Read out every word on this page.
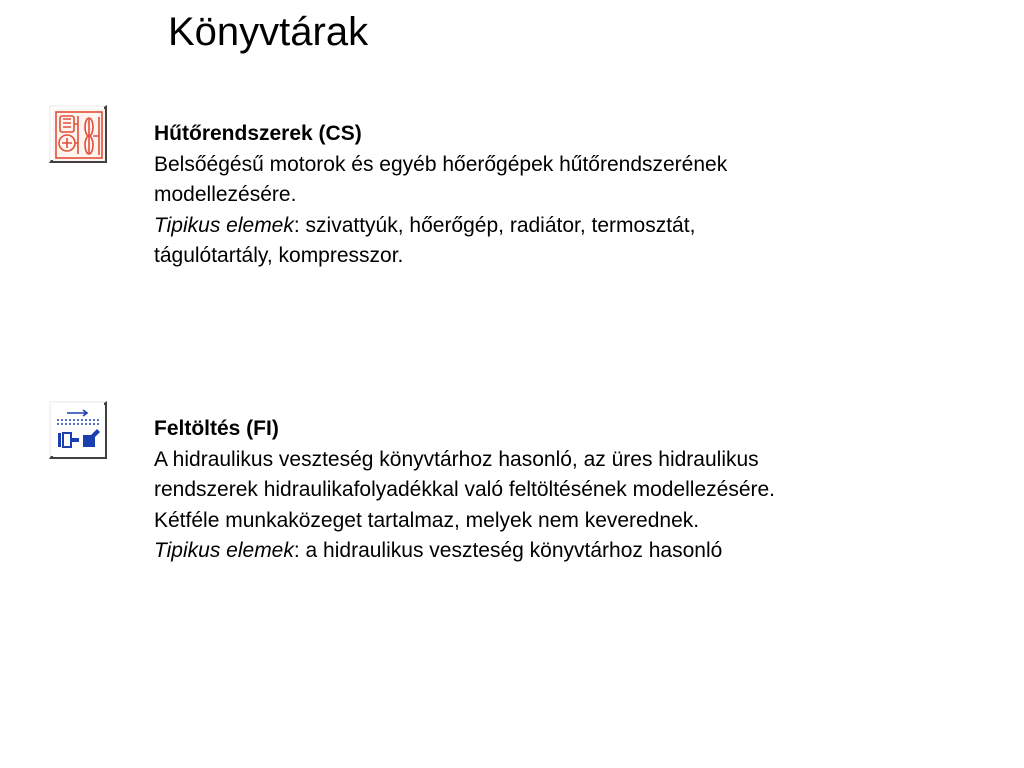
Könyvtárak
Hűtőrendszerek (CS)
Belsőégésű motorok és egyéb hőerőgépek hűtőrendszerének
modellezésére.
Tipikus elemek: szivattyúk, hőerőgép, radiátor, termosztát,
tágulótartály, kompresszor.
Feltöltés (FI)
A hidraulikus veszteség könyvtárhoz hasonló, az üres hidraulikus
rendszerek hidraulikafolyadékkal való feltöltésének modellezésére.
Kétféle munkaközeget tartalmaz, melyek nem keverednek.
Tipikus elemek: a hidraulikus veszteség könyvtárhoz hasonló
